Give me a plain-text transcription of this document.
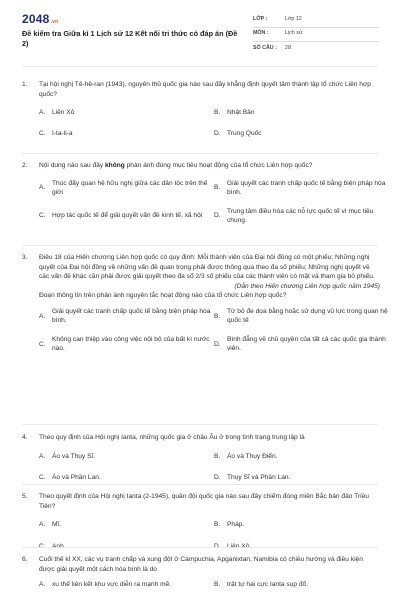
2048.vn
Đề kiểm tra Giữa kì 1 Lịch sử 12 Kết nối tri thức có đáp án (Đề 2)
LỚP :	Lớp 12
MÔN :	Lịch sử
SỐ CÂU :	28
1.	Tại hội nghị Tê-hê-ran (1943), nguyên thủ quốc gia nào sau đây khẳng định quyết tâm thành lập tổ chức Liên hợp quốc?
A.	Liên Xô	B.	Nhật Bản
C. I-ta-li-a	D. Trung Quốc
2.	Nội dung nào sau đây không phản ánh đúng mục tiêu hoạt động của tổ chức Liên hợp quốc?
A.
Thúc đẩy quan hệ hữu nghị giữa các dân tộc trên thế giới
B.
Giải quyết các tranh chấp quốc tế bằng biện pháp hòa bình.
C. Hợp tác quốc tế để giải quyết vấn đề kinh tế, xã hội	D.
Trung tâm điều hòa các nỗ lực quốc tế vì mục tiêu chung.
3.	Điều 18 của Hiến chương Liên hợp quốc có quy định: Mỗi thành viên của Đại hội đồng có một phiếu; Những nghị quyết của Đại hội đồng về những vấn đề quan trọng phải được thông qua theo đa số phiếu; Những nghị quyết về các vấn đề khác cần phải được giải quyết theo đa số 2/3 số phiếu của các thành viên có mặt và tham gia bỏ phiếu.
(Dẫn theo Hiến chương Liên hợp quốc năm 1945)
Đoạn thông tin trên phản ánh nguyên tắc hoạt động nào của tổ chức Liên hợp quốc?
A.
Giải quyết các tranh chấp quốc tế bằng biện pháp hòa bình.
B.
Từ bỏ đe dọa bằng hoặc sử dụng vũ lực trong quan hệ quốc tế
C.
Không can thiệp vào công việc nội bộ của bất kì nước nào.
D.
Bình đẳng về chủ quyền của tất cả các quốc gia thành viên.
4.	Theo quy định của Hội nghị Ianta, những quốc gia ở châu Âu ở trong tình trạng trung lập là
A.	Áo và Thụy Sĩ.	B.	Áo và Thụy Điển.
C. Áo và Phần Lan.	D. Thụy Sĩ và Phần Lan.
5.	Theo quyết định của Hội nghị Ianta (2-1945), quân đội quốc gia nào sau đây chiếm đóng miền Bắc bán đảo Triều Tiên?
A.	Mĩ.	B.	Pháp.
6.	Cuối thế kỉ XX, các vụ tranh chấp và xung đột ở Campuchia, Apganixtan, Namibia có chiều hướng và điều kiện được giải quyết một cách hòa bình là do
A.	xu thế liên kết khu vực diễn ra mạnh mẽ.	B.	trật tự hai cực Ianta sụp đổ.
